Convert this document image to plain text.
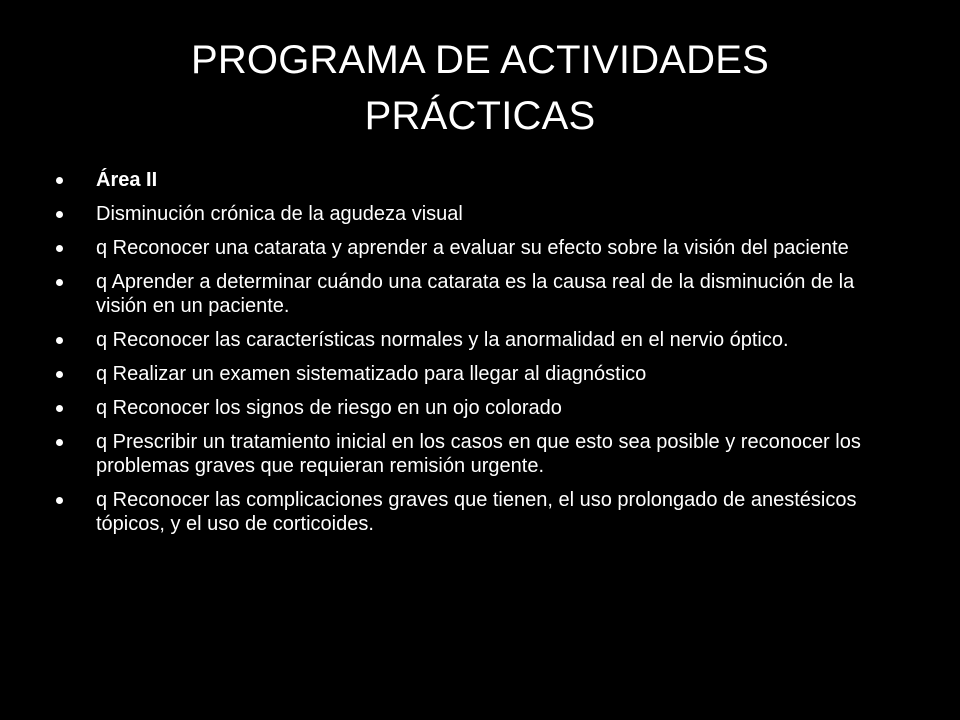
PROGRAMA DE ACTIVIDADES
PRÁCTICAS
Área II
Disminución crónica de la agudeza visual
q Reconocer una catarata y aprender a evaluar su efecto sobre la visión del paciente
q Aprender a determinar cuándo una catarata es la causa real de la disminución de la visión en un paciente.
q Reconocer las características normales y la anormalidad en el nervio óptico.
q Realizar un examen sistematizado para llegar al diagnóstico
q Reconocer los signos de riesgo en un ojo colorado
q Prescribir un tratamiento inicial en los casos en que esto sea posible y reconocer los problemas graves que requieran remisión urgente.
q Reconocer las complicaciones graves que tienen, el uso prolongado de anestésicos tópicos, y el uso de corticoides.
